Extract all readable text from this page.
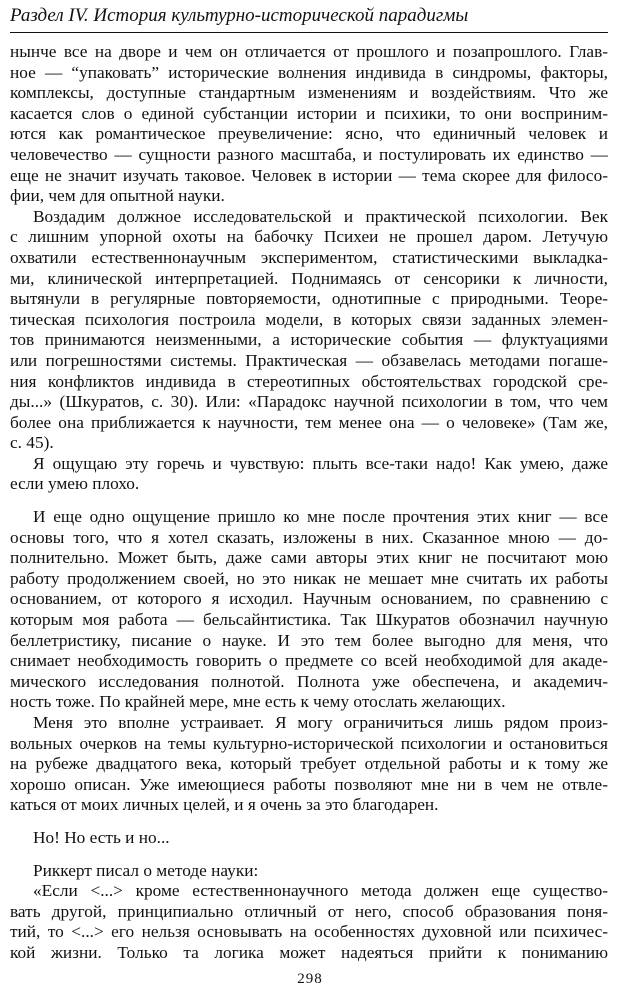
Раздел IV. История культурно-исторической парадигмы
нынче все на дворе и чем он отличается от прошлого и позапрошлого. Глав-
ное — “упаковать” исторические волнения индивида в синдромы, факторы,
комплексы, доступные стандартным изменениям и воздействиям. Что же
касается слов о единой субстанции истории и психики, то они восприним-
ются как романтическое преувеличение: ясно, что единичный человек и
человечество — сущности разного масштаба, и постулировать их единство —
еще не значит изучать таковое. Человек в истории — тема скорее для филосо-
фии, чем для опытной науки.
Воздадим должное исследовательской и практической психологии. Век
с лишним упорной охоты на бабочку Психеи не прошел даром. Летучую
охватили естественнонаучным экспериментом, статистическими выкладка-
ми, клинической интерпретацией. Поднимаясь от сенсорики к личности,
вытянули в регулярные повторяемости, однотипные с природными. Теоре-
тическая психология построила модели, в которых связи заданных элемен-
тов принимаются неизменными, а исторические события — флуктуациями
или погрешностями системы. Практическая — обзавелась методами погаше-
ния конфликтов индивида в стереотипных обстоятельствах городской сре-
ды...» (Шкуратов, с. 30). Или: «Парадокс научной психологии в том, что чем
более она приближается к научности, тем менее она — о человеке» (Там же,
с. 45).
Я ощущаю эту горечь и чувствую: плыть все-таки надо! Как умею, даже
если умею плохо.
И еще одно ощущение пришло ко мне после прочтения этих книг — все
основы того, что я хотел сказать, изложены в них. Сказанное мною — до-
полнительно. Может быть, даже сами авторы этих книг не посчитают мою
работу продолжением своей, но это никак не мешает мне считать их работы
основанием, от которого я исходил. Научным основанием, по сравнению с
которым моя работа — бельсайнтистика. Так Шкуратов обозначил научную
беллетристику, писание о науке. И это тем более выгодно для меня, что
снимает необходимость говорить о предмете со всей необходимой для акаде-
мического исследования полнотой. Полнота уже обеспечена, и академич-
ность тоже. По крайней мере, мне есть к чему отослать желающих.
Меня это вполне устраивает. Я могу ограничиться лишь рядом произ-
вольных очерков на темы культурно-исторической психологии и остановиться
на рубеже двадцатого века, который требует отдельной работы и к тому же
хорошо описан. Уже имеющиеся работы позволяют мне ни в чем не отвле-
каться от моих личных целей, и я очень за это благодарен.
Но! Но есть и но...
Риккерт писал о методе науки:
«Если <...> кроме естественнонаучного метода должен еще существо-
вать другой, принципиально отличный от него, способ образования поня-
тий, то <...> его нельзя основывать на особенностях духовной или психичес-
кой жизни. Только та логика может надеяться прийти к пониманию
298
